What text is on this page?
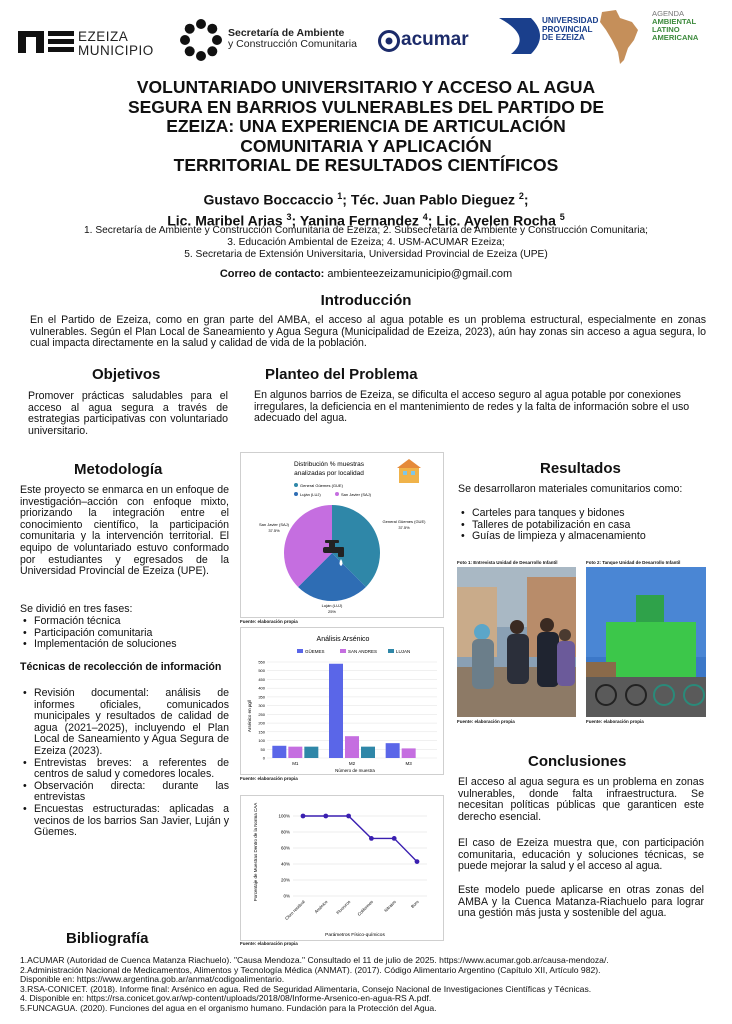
EZEIZA
MUNICIPIO
Secretaría de Ambiente
y Construcción Comunitaria acumar
UNIVERSIDAD
PROVINCIAL
DE EZEIZA
AGENDA
AMBIENTAL
LATINO
AMERICANA
VOLUNTARIADO UNIVERSITARIO Y ACCESO AL AGUA
SEGURA EN BARRIOS VULNERABLES DEL PARTIDO DE
EZEIZA: UNA EXPERIENCIA DE ARTICULACIÓN
COMUNITARIA Y APLICACIÓN
TERRITORIAL DE RESULTADOS CIENTÍFICOS
Gustavo Boccaccio $^1$; Téc. Juan Pablo Dieguez $^2$;
Lic. Maribel Arias $^3$; Yanina Fernandez $^4$; Lic. Ayelen Rocha $^5$
1. Secretaría de Ambiente y Construcción Comunitaria de Ezeiza; 2. Subsecretaría de Ambiente y Construcción Comunitaria;
3. Educación Ambiental de Ezeiza; 4. USM-ACUMAR Ezeiza;
5. Secretaria de Extensión Universitaria, Universidad Provincial de Ezeiza (UPE)
Correo de contacto: ambienteezeizamunicipio@gmail.com
Introducción
En el Partido de Ezeiza, como en gran parte del AMBA, el acceso al agua potable es un problema estructural, especialmente en zonas vulnerables. Según el Plan Local de Saneamiento y Agua Segura (Municipalidad de Ezeiza, 2023), aún hay zonas sin acceso a agua segura, lo cual impacta directamente en la salud y calidad de vida de la población.
Objetivos
Promover prácticas saludables para el acceso al agua segura a través de estrategias participativas con voluntariado universitario.
Planteo del Problema
En algunos barrios de Ezeiza, se dificulta el acceso seguro al agua potable por conexiones irregulares, la deficiencia en el mantenimiento de redes y la falta de información sobre el uso adecuado del agua.
Metodología
Este proyecto se enmarca en un enfoque de investigación–acción con enfoque mixto, priorizando la integración entre el conocimiento científico, la participación comunitaria y la intervención territorial. El equipo de voluntariado estuvo conformado por estudiantes y egresados de la Universidad Provincial de Ezeiza (UPE).
Se dividió en tres fases:
• Formación técnica
• Participación comunitaria
• Implementación de soluciones
Técnicas de recolección de información
• Revisión documental: análisis de informes oficiales, comunicados municipales y resultados de calidad de agua (2021–2025), incluyendo el Plan Local de Saneamiento y Agua Segura de Ezeiza (2023).
• Entrevistas breves: a referentes de centros de salud y comedores locales.
• Observación directa: durante las entrevistas
• Encuestas estructuradas: aplicadas a vecinos de los barrios San Javier, Luján y Güemes.
Distribución % muestras
analizadas por localidad
General Güemes (GUE)
Luján (LUJ)	San Javier (SAJ)
San Javier (SAJ)
37.5%
General Güemes (GUE)
37.5%
Luján (LUJ)
25%
Fuente: elaboración propia
Análisis Arsénico
GÜEMES	SAN ANDRES	LUJAN
0
50
100
150
200
250
300
350
400
450
500
550
M1	M2	M3
Arsénico en µg/l
Número de muestra
Fuente: elaboración propia
0%
20%
40%
60%
80%
100%
Cloro residual Arsénico Fluoruros Coliformes Nitratos	Boro
Porcentaje de Muestras Dentro de la Norma CAA
Parámetros Físico-químicos
Fuente: elaboración propia
Resultados
Se desarrollaron materiales comunitarios como:
• Carteles para tanques y bidones
• Talleres de potabilización en casa
• Guías de limpieza y almacenamiento
Foto 1: Entrevista Unidad de Desarrollo Infantil
Fuente: elaboración propia
Foto 2: Tanque Unidad de Desarrollo Infantil
Fuente: elaboración propia
Conclusiones
El acceso al agua segura es un problema en zonas vulnerables, donde falta infraestructura. Se necesitan políticas públicas que garanticen este derecho esencial.
El caso de Ezeiza muestra que, con participación comunitaria, educación y soluciones técnicas, se puede mejorar la salud y el acceso al agua.
Este modelo puede aplicarse en otras zonas del AMBA y la Cuenca Matanza-Riachuelo para lograr una gestión más justa y sostenible del agua.
Bibliografía
1.ACUMAR (Autoridad de Cuenca Matanza Riachuelo). "Causa Mendoza." Consultado el 11 de julio de 2025. https://www.acumar.gob.ar/causa-mendoza/.
2.Administración Nacional de Medicamentos, Alimentos y Tecnología Médica (ANMAT). (2017). Código Alimentario Argentino (Capítulo XII, Artículo 982).
Disponible en: https://www.argentina.gob.ar/anmat/codigoalimentario.
3.RSA-CONICET. (2018). Informe final: Arsénico en agua. Red de Seguridad Alimentaria, Consejo Nacional de Investigaciones Científicas y Técnicas.
4. Disponible en: https://rsa.conicet.gov.ar/wp-content/uploads/2018/08/Informe-Arsenico-en-agua-RS A.pdf.
5.FUNCAGUA. (2020). Funciones del agua en el organismo humano. Fundación para la Protección del Agua.
